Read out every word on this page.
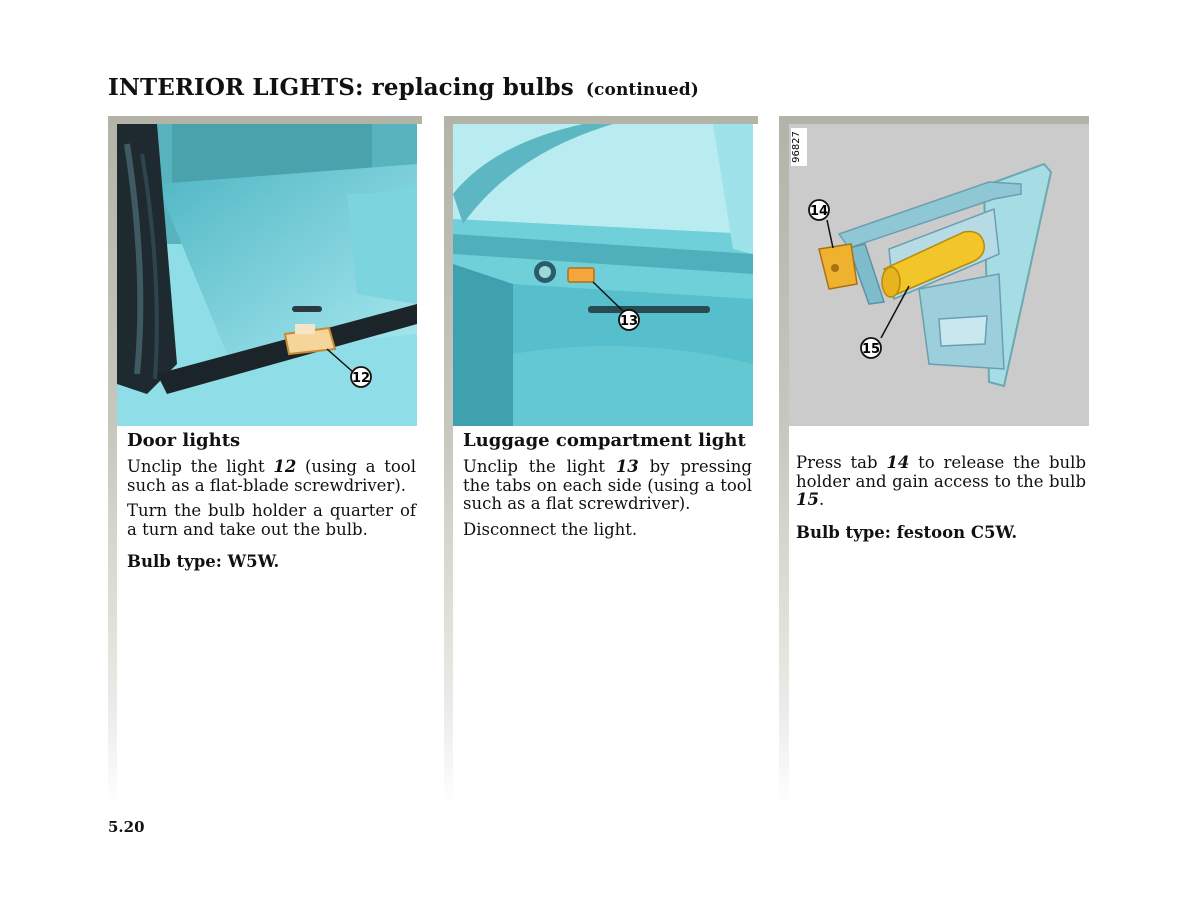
INTERIOR LIGHTS: replacing bulbs (continued)
12

Door lights

Unclip the light 12 (using a tool such as a flat-blade screwdriver).

Turn the bulb holder a quarter of a turn and take out the bulb.

Bulb type: W5W.

13

Luggage compartment light

Unclip the light 13 by pressing the tabs on each side (using a tool such as a flat screwdriver).

Disconnect the light.

96827
14
15

Press tab 14 to release the bulb holder and gain access to the bulb 15.

Bulb type: festoon C5W.

5.20
